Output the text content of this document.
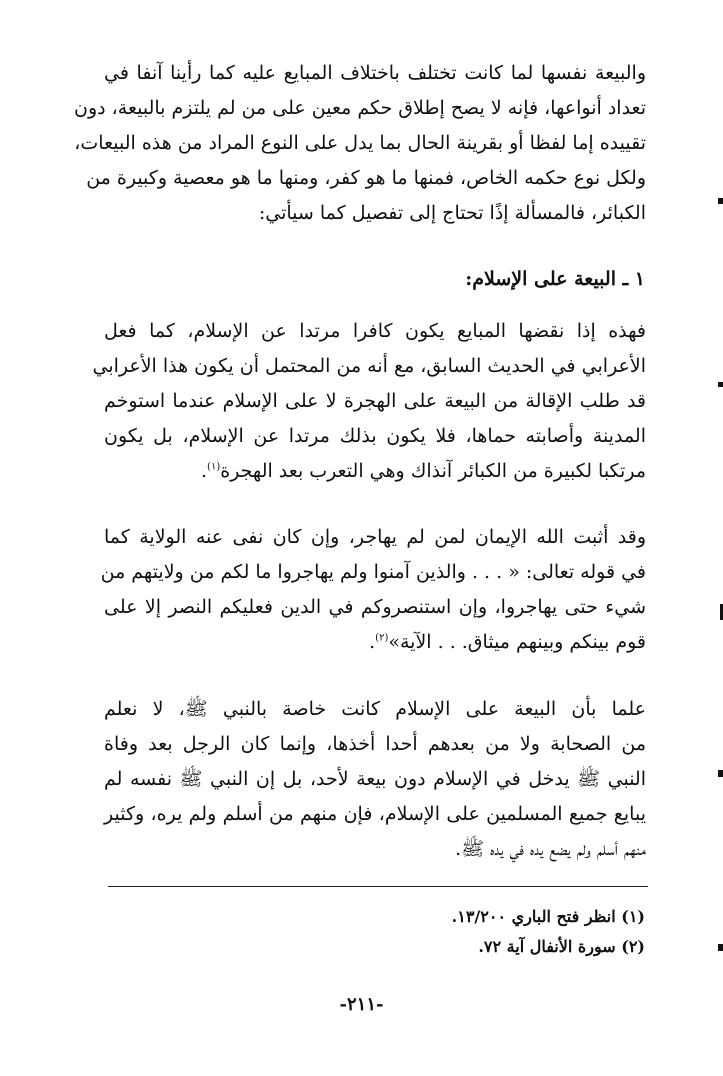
والبيعة نفسها لما كانت تختلف باختلاف المبايع عليه كما رأينا آنفا في
تعداد أنواعها، فإنه لا يصح إطلاق حكم معين على من لم يلتزم بالبيعة، دون
تقييده إما لفظا أو بقرينة الحال بما يدل على النوع المراد من هذه البيعات،
ولكل نوع حكمه الخاص، فمنها ما هو كفر، ومنها ما هو معصية وكبيرة من
الكبائر، فالمسألة إذًا تحتاج إلى تفصيل كما سيأتي:
١ ـ البيعة على الإسلام:
فهذه إذا نقضها المبايع يكون كافرا مرتدا عن الإسلام، كما فعل
الأعرابي في الحديث السابق، مع أنه من المحتمل أن يكون هذا الأعرابي
قد طلب الإقالة من البيعة على الهجرة لا على الإسلام عندما استوخم
المدينة وأصابته حماها، فلا يكون بذلك مرتدا عن الإسلام، بل يكون
مرتكبا لكبيرة من الكبائر آنذاك وهي التعرب بعد الهجرة$^{(١)}$.
وقد أثبت الله الإيمان لمن لم يهاجر، وإن كان نفى عنه الولاية كما
في قوله تعالى: « . . . والذين آمنوا ولم يهاجروا ما لكم من ولايتهم من
شيء حتى يهاجروا، وإن استنصروكم في الدين فعليكم النصر إلا على
قوم بينكم وبينهم ميثاق. . . الآية»$^{(٢)}$.
علما بأن البيعة على الإسلام كانت خاصة بالنبي ﷺ، لا نعلم
من الصحابة ولا من بعدهم أحدا أخذها، وإنما كان الرجل بعد وفاة
النبي ﷺ يدخل في الإسلام دون بيعة لأحد، بل إن النبي ﷺ نفسه لم
يبايع جميع المسلمين على الإسلام، فإن منهم من أسلم ولم يره، وكثير
منهم أسلم ولم يضع يده في يده ﷺ.
(١) انظر فتح الباري ١٣/٢٠٠.
(٢) سورة الأنفال آية ٧٢.
-٢١١-
